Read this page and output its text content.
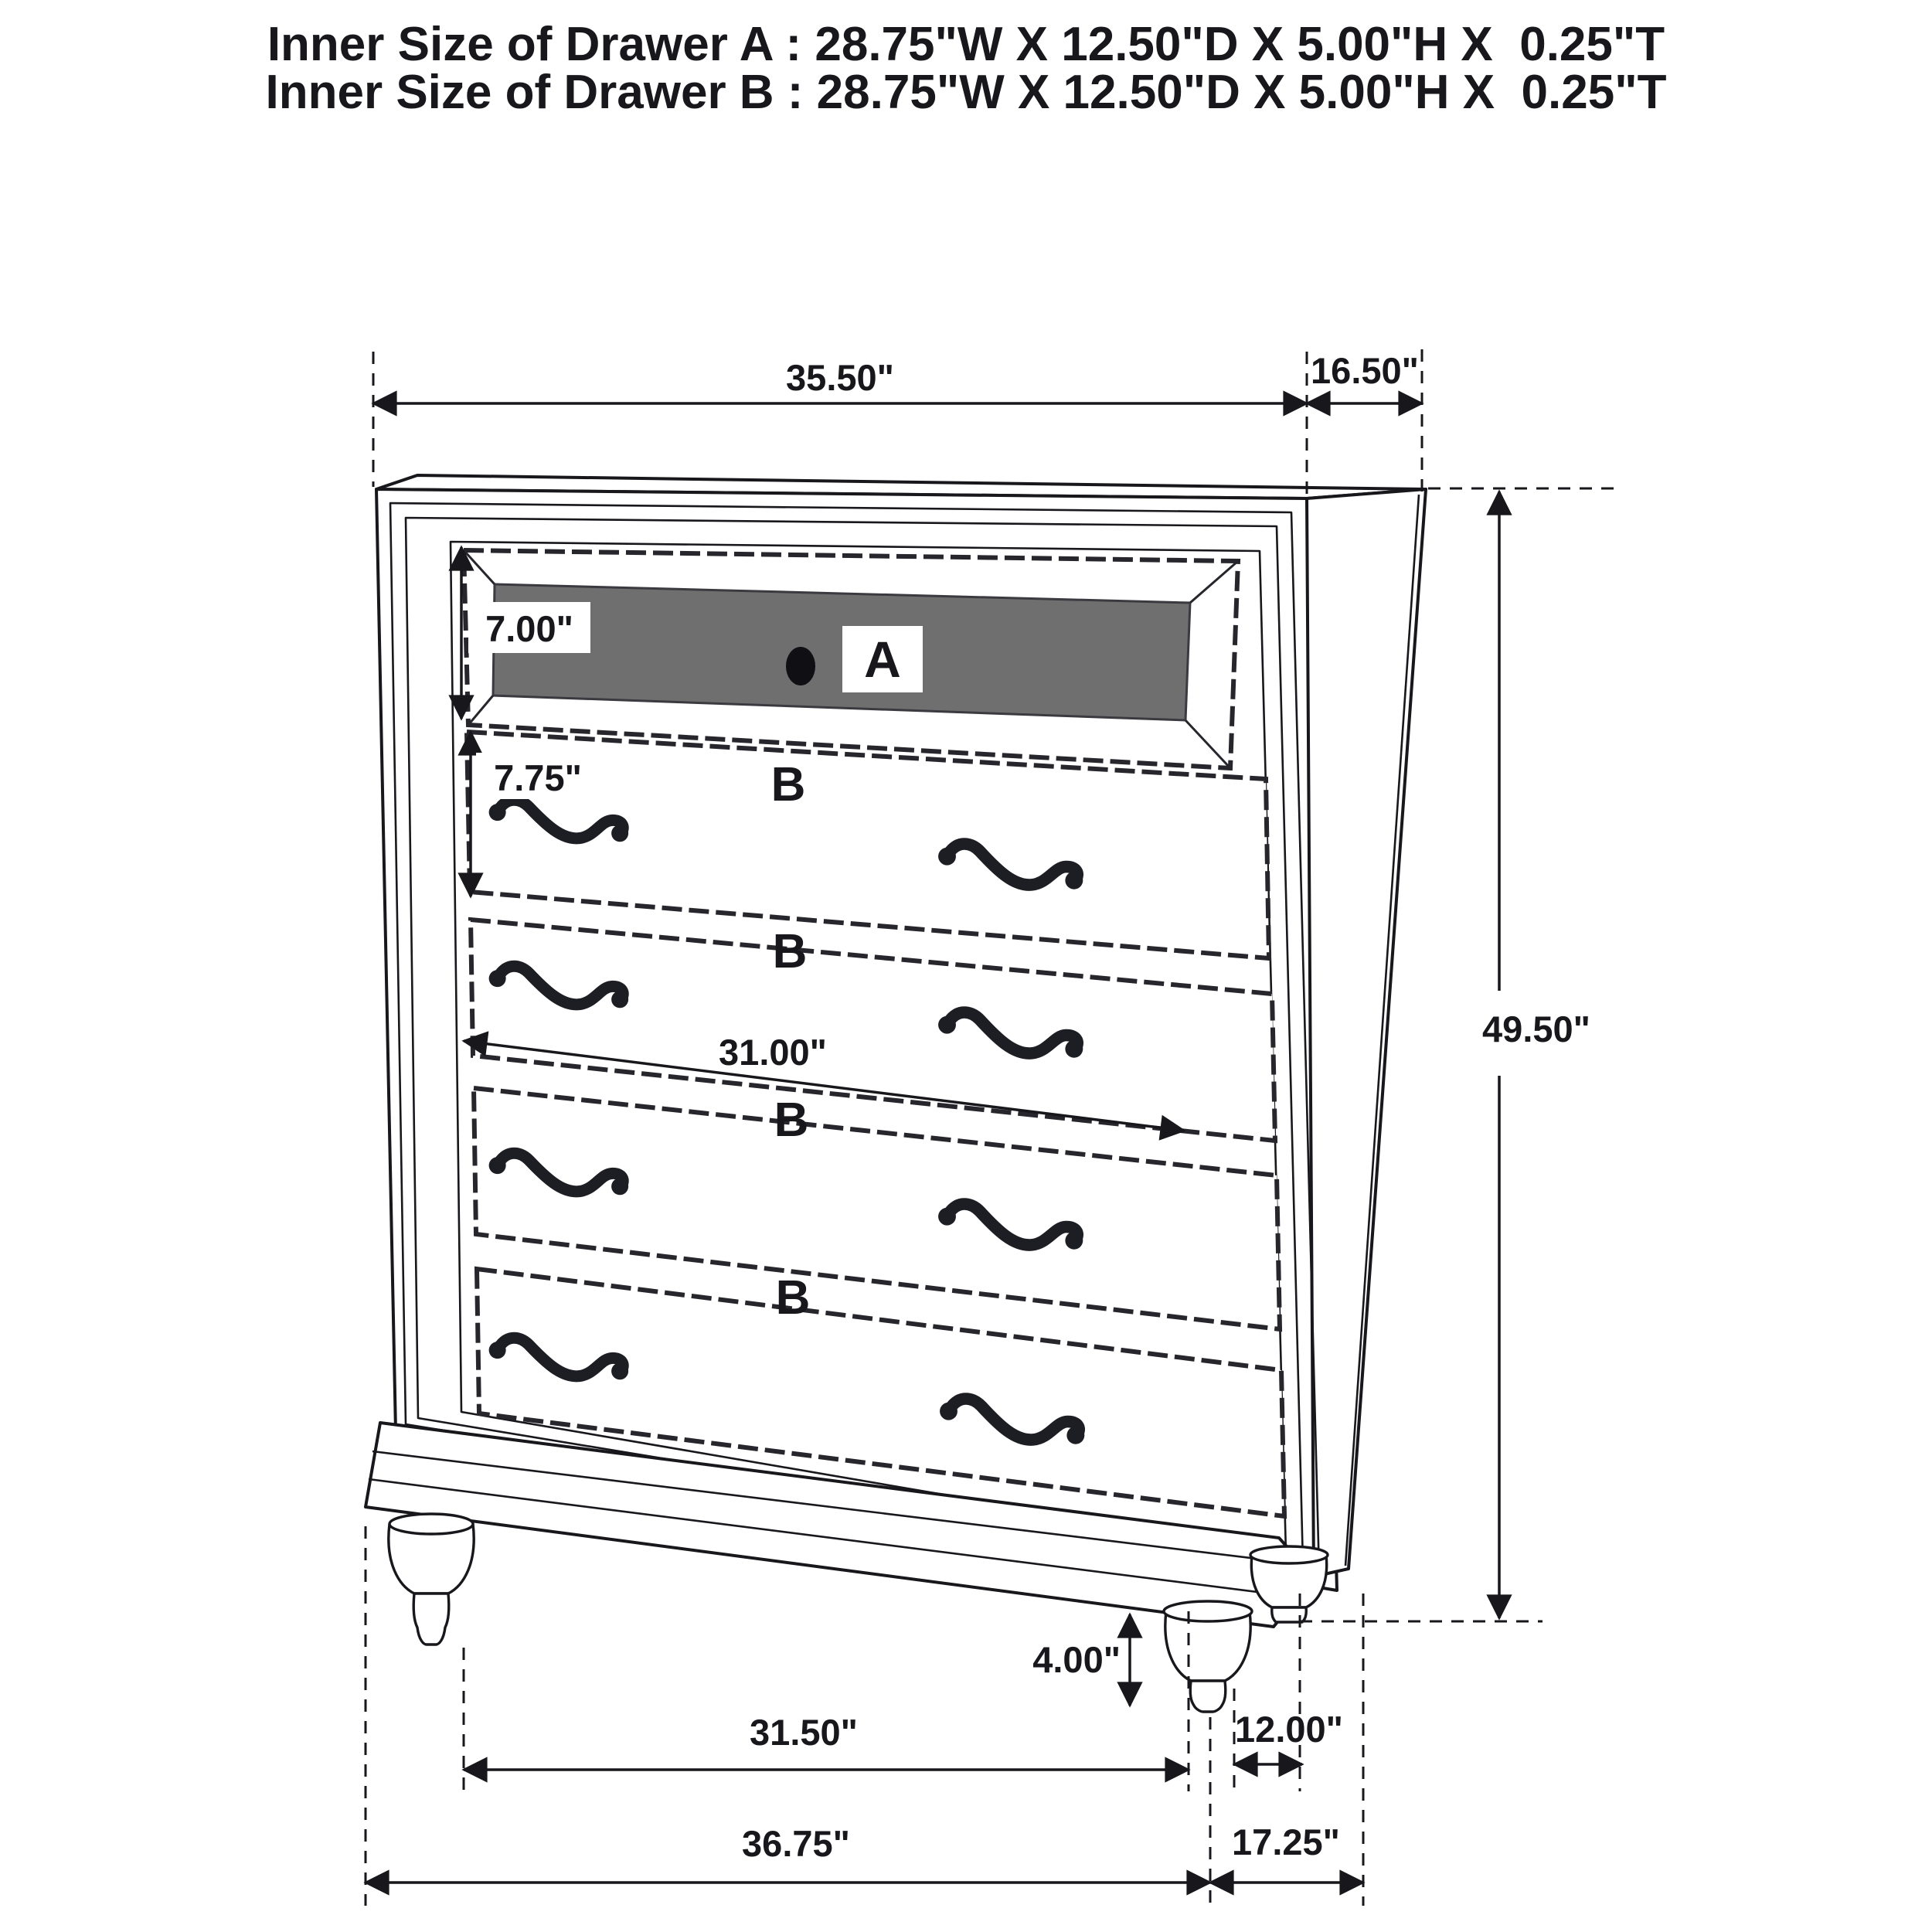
Inner Size of Drawer A : 28.75"W X 12.50"D X 5.00"H X  0.25"T
Inner Size of Drawer B : 28.75"W X 12.50"D X 5.00"H X  0.25"T
A
B
B
B
B
35.50"	16.50"
7.00"
7.75"
31.00"
49.50"
4.00"
31.50"	12.00"
36.75"	17.25"
